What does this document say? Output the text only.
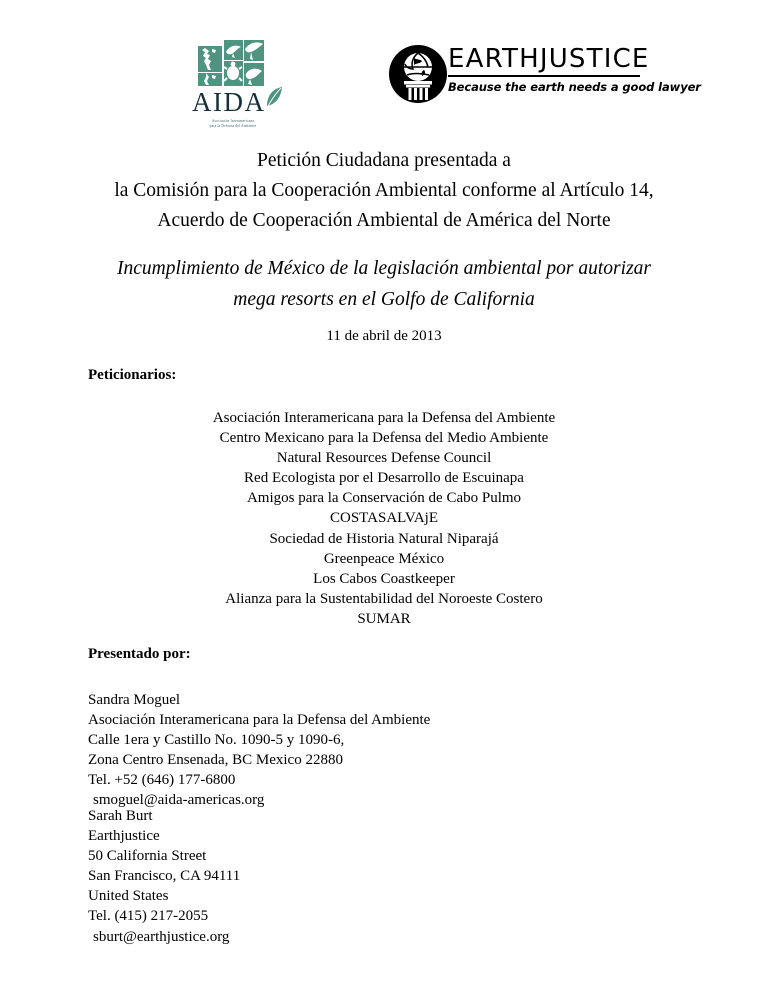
AIDA
Asociación Interamericana
para la Defensa del Ambiente
EARTHJUSTICE
Because the earth needs a good lawyer
Petición Ciudadana presentada a
la Comisión para la Cooperación Ambiental conforme al Artículo 14,
Acuerdo de Cooperación Ambiental de América del Norte
Incumplimiento de México de la legislación ambiental por autorizar
mega resorts en el Golfo de California
11 de abril de 2013
Peticionarios:
Asociación Interamericana para la Defensa del Ambiente
Centro Mexicano para la Defensa del Medio Ambiente
Natural Resources Defense Council
Red Ecologista por el Desarrollo de Escuinapa
Amigos para la Conservación de Cabo Pulmo
COSTASALVAjE
Sociedad de Historia Natural Niparajá
Greenpeace México
Los Cabos Coastkeeper
Alianza para la Sustentabilidad del Noroeste Costero
SUMAR
Presentado por:
Sandra Moguel
Asociación Interamericana para la Defensa del Ambiente
Calle 1era y Castillo No. 1090-5 y 1090-6,
Zona Centro Ensenada, BC Mexico 22880
Tel. +52 (646) 177-6800
smoguel@aida-americas.org
Sarah Burt
Earthjustice
50 California Street
San Francisco, CA 94111
United States
Tel. (415) 217-2055
sburt@earthjustice.org
